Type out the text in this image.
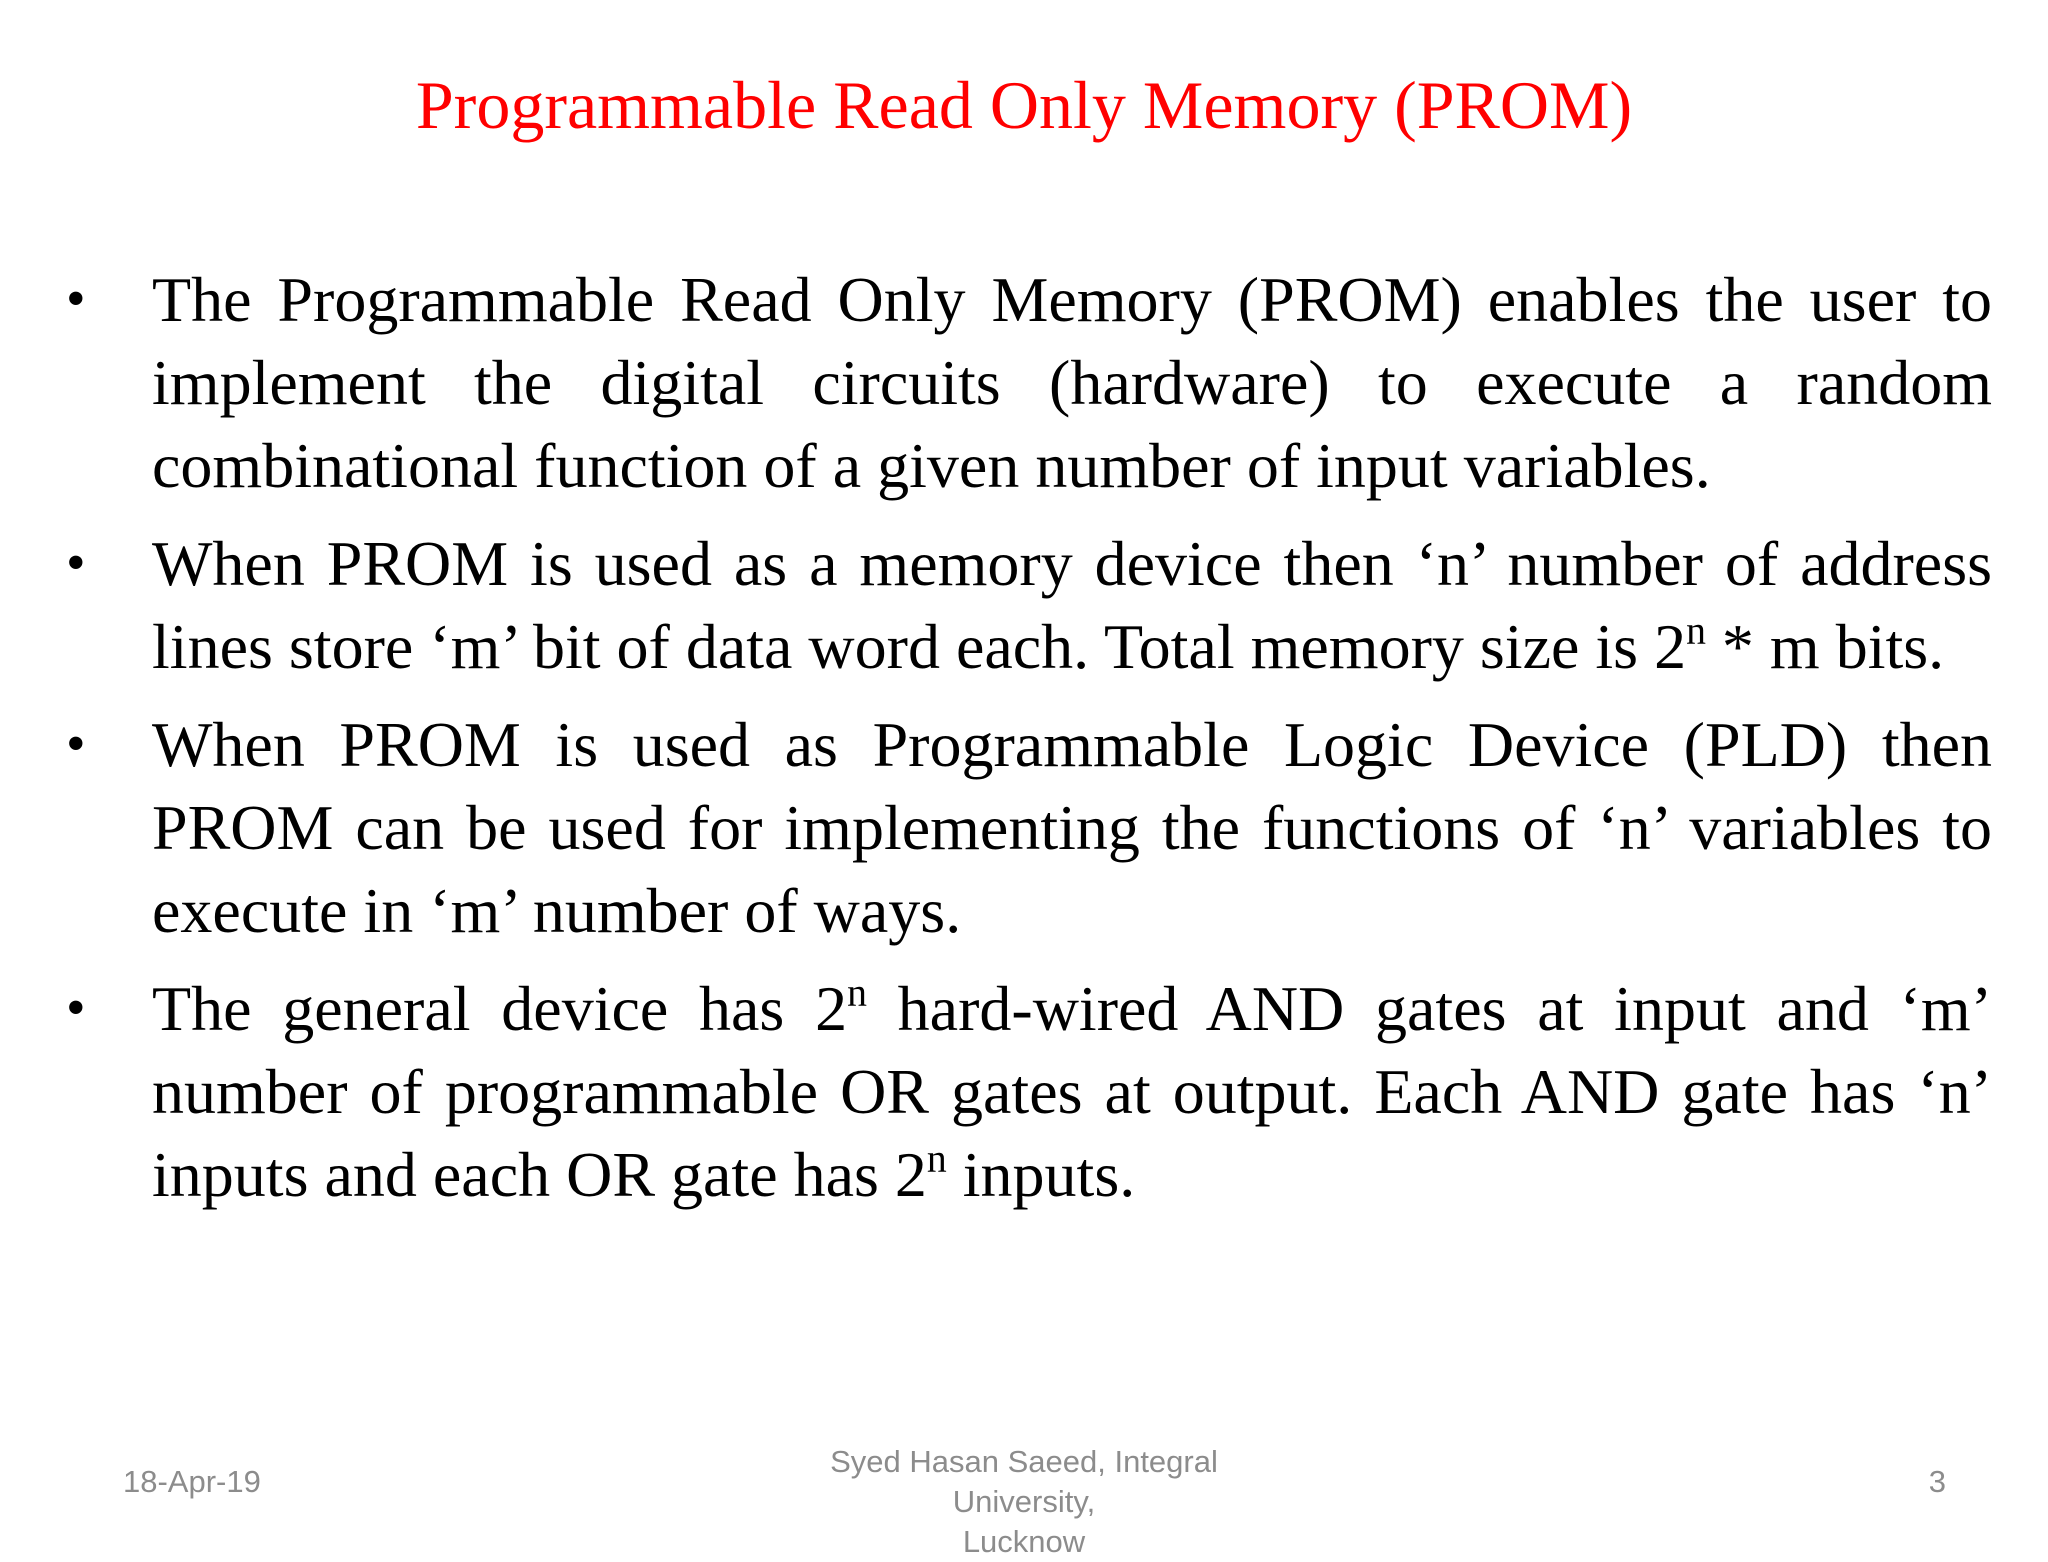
Programmable Read Only Memory (PROM)
•	The Programmable Read Only Memory (PROM) enables the user to implement the digital circuits (hardware) to execute a random combinational function of a given number of input variables.
•	When PROM is used as a memory device then ‘n’ number of address lines store ‘m’ bit of data word each. Total memory size is 2$^n$ * m bits.
•	When PROM is used as Programmable Logic Device (PLD) then PROM can be used for implementing the functions of ‘n’ variables to execute in ‘m’ number of ways.
•	The general device has 2$^n$ hard-wired AND gates at input and ‘m’ number of programmable OR gates at output. Each AND gate has ‘n’ inputs and each OR gate has 2$^n$ inputs.
18-Apr-19
Syed Hasan Saeed, Integral University,
Lucknow
3
